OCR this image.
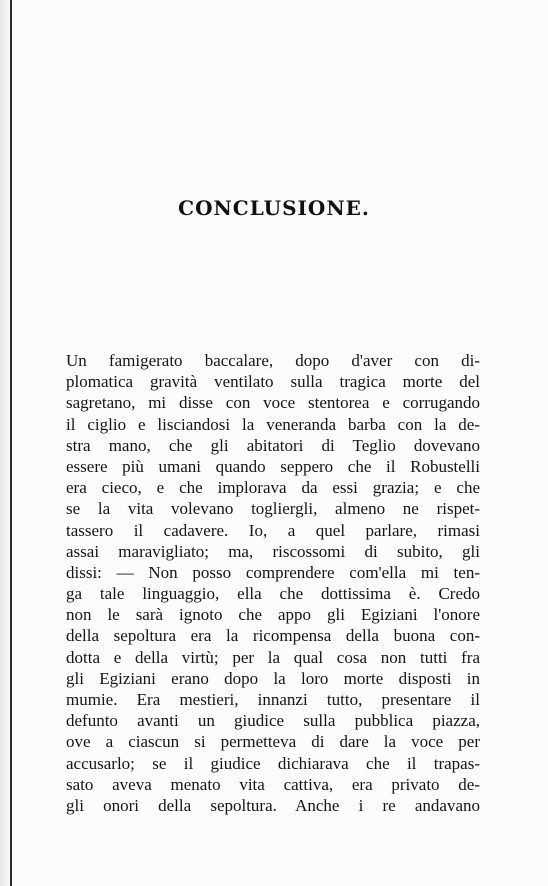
CONCLUSIONE.
Un famigerato baccalare, dopo d'aver con di-
plomatica gravità ventilato sulla tragica morte del
sagretano, mi disse con voce stentorea e corrugando
il ciglio e lisciandosi la veneranda barba con la de-
stra mano, che gli abitatori di Teglio dovevano
essere più umani quando seppero che il Robustelli
era cieco, e che implorava da essi grazia; e che
se la vita volevano togliergli, almeno ne rispet-
tassero il cadavere. Io, a quel parlare, rimasi
assai maravigliato; ma, riscossomi di subito, gli
dissi: — Non posso comprendere com'ella mi ten-
ga tale linguaggio, ella che dottissima è. Credo
non le sarà ignoto che appo gli Egiziani l'onore
della sepoltura era la ricompensa della buona con-
dotta e della virtù; per la qual cosa non tutti fra
gli Egiziani erano dopo la loro morte disposti in
mumie. Era mestieri, innanzi tutto, presentare il
defunto avanti un giudice sulla pubblica piazza,
ove a ciascun si permetteva di dare la voce per
accusarlo; se il giudice dichiarava che il trapas-
sato aveva menato vita cattiva, era privato de-
gli onori della sepoltura. Anche i re andavano
